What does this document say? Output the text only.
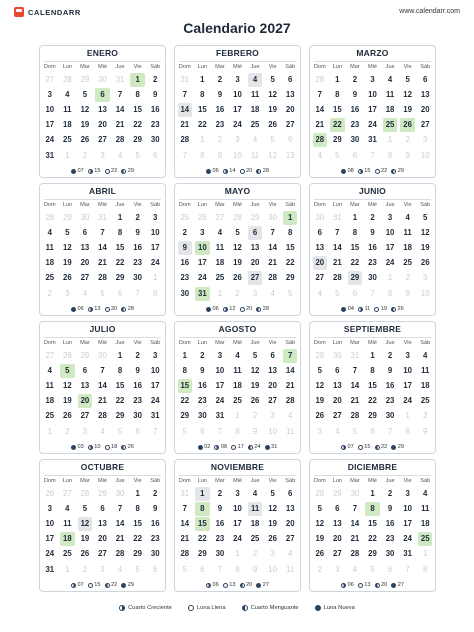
CALENDARR	www.calendarr.com
Calendario 2027
ENERO
Dom	Lun	Mar	Mié	Jue	Vie	Sáb
27	28	29	30	31	1	2
3	4	5	6	7	8	9
10	11	12	13	14	15	16
17	18	19	20	21	22	23
24	25	26	27	28	29	30
31	1	2	3	4	5	6
07 15 22 29
FEBRERO
Dom	Lun	Mar	Mié	Jue	Vie	Sáb
31	1	2	3	4	5	6
7	8	9	10	11	12	13
14	15	16	17	18	19	20
21	22	23	24	25	26	27
28	1	2	3	4	5	6
7	8	9	10	11	12	13
06 14 20 28
MARZO
Dom	Lun	Mar	Mié	Jue	Vie	Sáb
28	1	2	3	4	5	6
7	8	9	10	11	12	13
14	15	16	17	18	19	20
21	22	23	24	25	26	27
28	29	30	31	1	2	3
4	5	6	7	8	9	10
08 15 22 29
ABRIL
Dom	Lun	Mar	Mié	Jue	Vie	Sáb
28	29	30	31	1	2	3
4	5	6	7	8	9	10
11	12	13	14	15	16	17
18	19	20	21	22	23	24
25	26	27	28	29	30	1
2	3	4	5	6	7	8
06 13 20 28
MAYO
Dom	Lun	Mar	Mié	Jue	Vie	Sáb
25	26	27	28	29	30	1
2	3	4	5	6	7	8
9	10	11	12	13	14	15
16	17	18	19	20	21	22
23	24	25	26	27	28	29
30	31	1	2	3	4	5
06 12 20 28
JUNIO
Dom	Lun	Mar	Mié	Jue	Vie	Sáb
30	31	1	2	3	4	5
6	7	8	9	10	11	12
13	14	15	16	17	18	19
20	21	22	23	24	25	26
27	28	29	30	1	2	3
4	5	6	7	8	9	10
04 11 19 26
JULIO
Dom	Lun	Mar	Mié	Jue	Vie	Sáb
27	28	29	30	1	2	3
4	5	6	7	8	9	10
11	12	13	14	15	16	17
18	19	20	21	22	23	24
25	26	27	28	29	30	31
1	2	3	4	5	6	7
03 10 18 26
AGOSTO
Dom	Lun	Mar	Mié	Jue	Vie	Sáb
1	2	3	4	5	6	7
8	9	10	11	12	13	14
15	16	17	18	19	20	21
22	23	24	25	26	27	28
29	30	31	1	2	3	4
5	6	7	8	9	10	11
02 08 17 24 31
SEPTIEMBRE
Dom	Lun	Mar	Mié	Jue	Vie	Sáb
29	30	31	1	2	3	4
5	6	7	8	9	10	11
12	13	14	15	16	17	18
19	20	21	22	23	24	25
26	27	28	29	30	1	2
3	4	5	6	7	8	9
07 15 22 29
OCTUBRE
Dom	Lun	Mar	Mié	Jue	Vie	Sáb
26	27	28	29	30	1	2
3	4	5	6	7	8	9
10	11	12	13	14	15	16
17	18	19	20	21	22	23
24	25	26	27	28	29	30
31	1	2	3	4	5	6
07 15 22 29
NOVIEMBRE
Dom	Lun	Mar	Mié	Jue	Vie	Sáb
31	1	2	3	4	5	6
7	8	9	10	11	12	13
14	15	16	17	18	19	20
21	22	23	24	25	26	27
28	29	30	1	2	3	4
5	6	7	8	9	10	11
06 13 20 27
DICIEMBRE
Dom	Lun	Mar	Mié	Jue	Vie	Sáb
28	29	30	1	2	3	4
5	6	7	8	9	10	11
12	13	14	15	16	17	18
19	20	21	22	23	24	25
26	27	28	29	30	31	1
2	3	4	5	6	7	8
06 13 20 27
Cuarto Creciente	Luna Llena	Cuarto Menguante	Luna Nueva
